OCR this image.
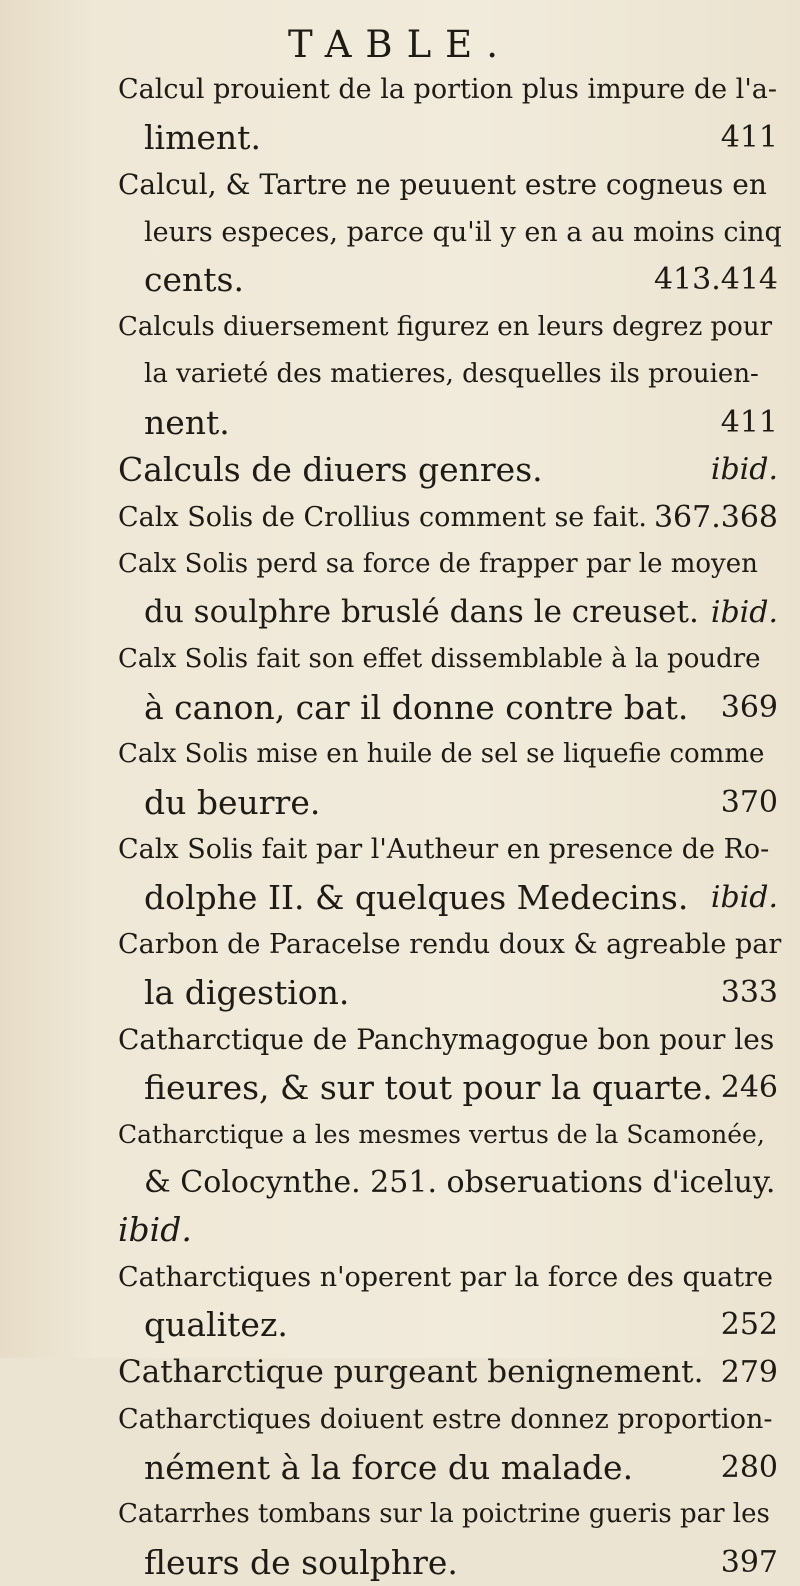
TABLE.
Calcul prouient de la portion plus impure de l'a-
liment.	411
Calcul, & Tartre ne peuuent estre cogneus en
leurs especes, parce qu'il y en a au moins cinq
cents.	413.414
Calculs diuersement figurez en leurs degrez pour
la varieté des matieres, desquelles ils prouien-
nent.	411
Calculs de diuers genres.	ibid.
Calx Solis de Crollius comment se fait. 367.368
Calx Solis perd sa force de frapper par le moyen
du soulphre bruslé dans le creuset. ibid.
Calx Solis fait son effet dissemblable à la poudre
à canon, car il donne contre bat. 369
Calx Solis mise en huile de sel se liquefie comme
du beurre.	370
Calx Solis fait par l'Autheur en presence de Ro-
dolphe II. & quelques Medecins. ibid.
Carbon de Paracelse rendu doux & agreable par
la digestion.	333
Catharctique de Panchymagogue bon pour les
fieures, & sur tout pour la quarte. 246
Catharctique a les mesmes vertus de la Scamonée,
& Colocynthe. 251. obseruations d'iceluy.
ibid.
Catharctiques n'operent par la force des quatre
qualitez.	252
Catharctique purgeant benignement. 279
Catharctiques doiuent estre donnez proportion-
nément à la force du malade.	280
Catarrhes tombans sur la poictrine gueris par les
fleurs de soulphre.	397
